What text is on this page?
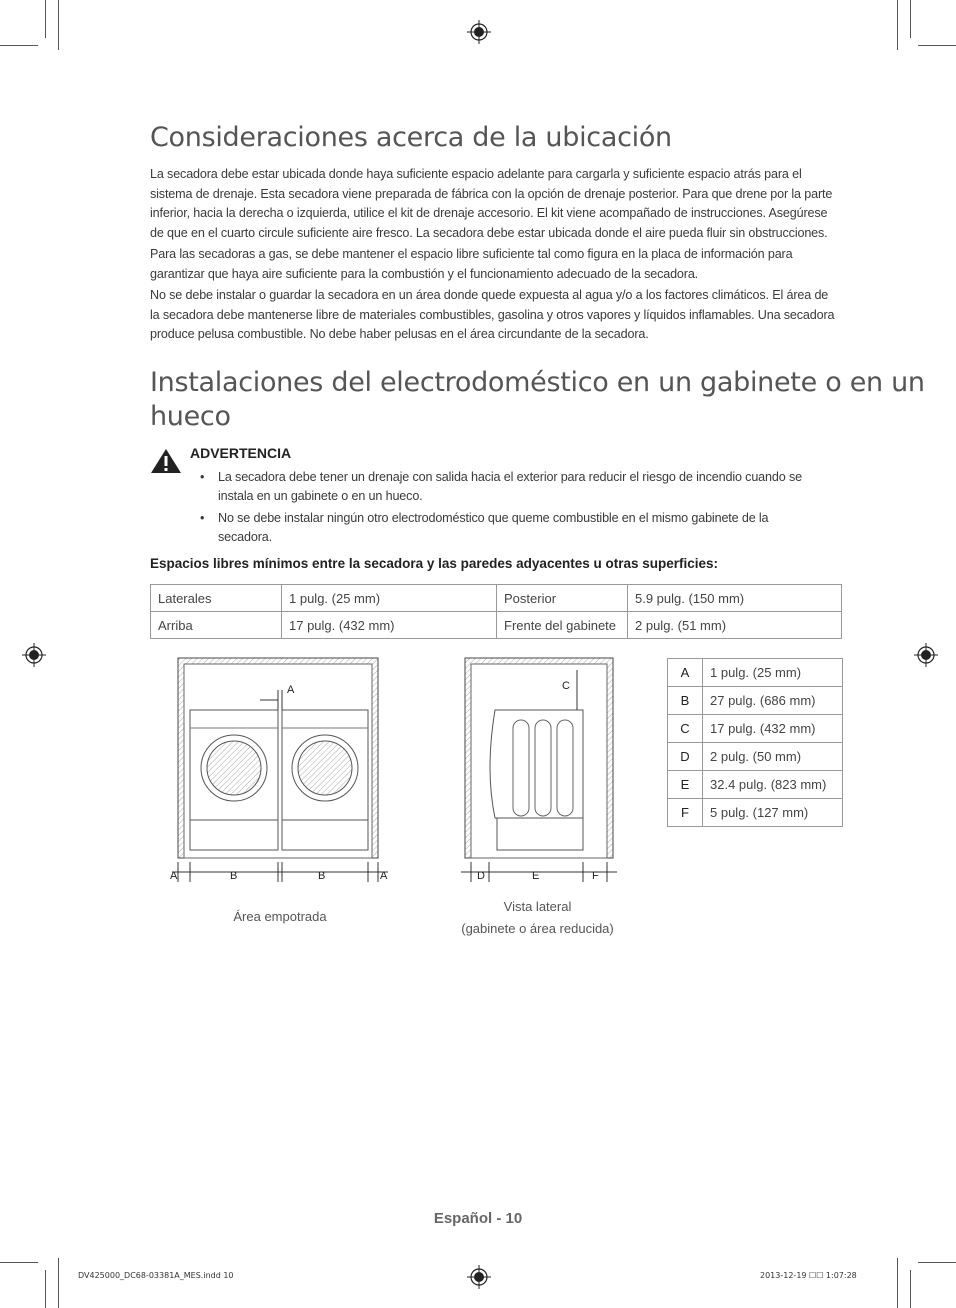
Consideraciones acerca de la ubicación

La secadora debe estar ubicada donde haya suficiente espacio adelante para cargarla y suficiente espacio atrás para el sistema de drenaje. Esta secadora viene preparada de fábrica con la opción de drenaje posterior. Para que drene por la parte inferior, hacia la derecha o izquierda, utilice el kit de drenaje accesorio. El kit viene acompañado de instrucciones. Asegúrese de que en el cuarto circule suficiente aire fresco. La secadora debe estar ubicada donde el aire pueda fluir sin obstrucciones.

Para las secadoras a gas, se debe mantener el espacio libre suficiente tal como figura en la placa de información para garantizar que haya aire suficiente para la combustión y el funcionamiento adecuado de la secadora.

No se debe instalar o guardar la secadora en un área donde quede expuesta al agua y/o a los factores climáticos. El área de la secadora debe mantenerse libre de materiales combustibles, gasolina y otros vapores y líquidos inflamables. Una secadora produce pelusa combustible. No debe haber pelusas en el área circundante de la secadora.

Instalaciones del electrodoméstico en un gabinete o en un
hueco
ADVERTENCIA
• La secadora debe tener un drenaje con salida hacia el exterior para reducir el riesgo de incendio cuando se instala en un gabinete o en un hueco.
• No se debe instalar ningún otro electrodoméstico que queme combustible en el mismo gabinete de la secadora.
Espacios libres mínimos entre la secadora y las paredes adyacentes u otras superficies:
Laterales	1 pulg. (25 mm)	Posterior	5.9 pulg. (150 mm)
Arriba	17 pulg. (432 mm)	Frente del gabinete	2 pulg. (51 mm)
A
A	B	B	A
Área empotrada
C
D	E	F
Vista lateral
(gabinete o área reducida)
A	1 pulg. (25 mm)
B	27 pulg. (686 mm)
C	17 pulg. (432 mm)
D	2 pulg. (50 mm)
E	32.4 pulg. (823 mm)
F	5 pulg. (127 mm)
Español - 10
DV425000_DC68-03381A_MES.indd 10	2013-12-19 ☐☐ 1:07:28
